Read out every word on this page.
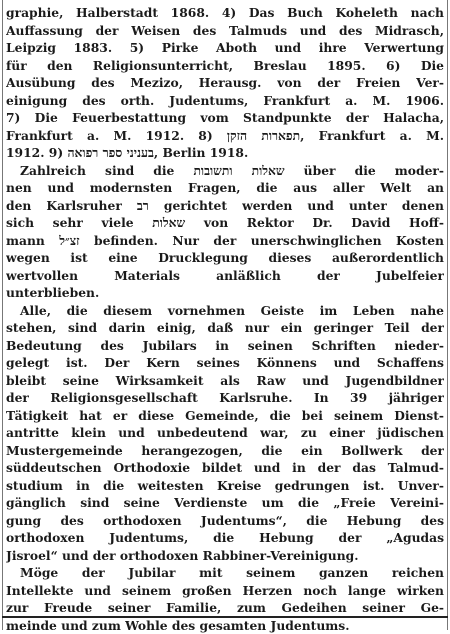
graphie, Halberstadt 1868. 4) Das Buch Koheleth nach
Auffassung der Weisen des Talmuds und des Midrasch,
Leipzig 1883. 5) Pirke Aboth und ihre Verwertung
für den Religionsunterricht, Breslau 1895. 6) Die
Ausübung des Mezizo, Herausg. von der Freien Ver-
einigung des orth. Judentums, Frankfurt a. M. 1906.
7) Die Feuerbestattung vom Standpunkte der Halacha,
Frankfurt a. M. 1912. 8) תפארות הזקן, Frankfurt a. M.
1912. 9) בעניני ספר רפואה, Berlin 1918.
Zahlreich sind die שאלות ותשובות über die moder-
nen und modernsten Fragen, die aus aller Welt an
den Karlsruher רב gerichtet werden und unter denen
sich sehr viele שאלות von Rektor Dr. David Hoff-
mann זצ״ל befinden. Nur der unerschwinglichen Kosten
wegen ist eine Drucklegung dieses außerordentlich
wertvollen Materials anläßlich der Jubelfeier
unterblieben.
Alle, die diesem vornehmen Geiste im Leben nahe
stehen, sind darin einig, daß nur ein geringer Teil der
Bedeutung des Jubilars in seinen Schriften nieder-
gelegt ist. Der Kern seines Könnens und Schaffens
bleibt seine Wirksamkeit als Raw und Jugendbildner
der Religionsgesellschaft Karlsruhe. In 39 jähriger
Tätigkeit hat er diese Gemeinde, die bei seinem Dienst-
antritte klein und unbedeutend war, zu einer jüdischen
Mustergemeinde herangezogen, die ein Bollwerk der
süddeutschen Orthodoxie bildet und in der das Talmud-
studium in die weitesten Kreise gedrungen ist. Unver-
gänglich sind seine Verdienste um die „Freie Vereini-
gung des orthodoxen Judentums“, die Hebung des
orthodoxen Judentums, die Hebung der „Agudas
Jisroel“ und der orthodoxen Rabbiner-Vereinigung.
Möge der Jubilar mit seinem ganzen reichen
Intellekte und seinem großen Herzen noch lange wirken
zur Freude seiner Familie, zum Gedeihen seiner Ge-
meinde und zum Wohle des gesamten Judentums.
